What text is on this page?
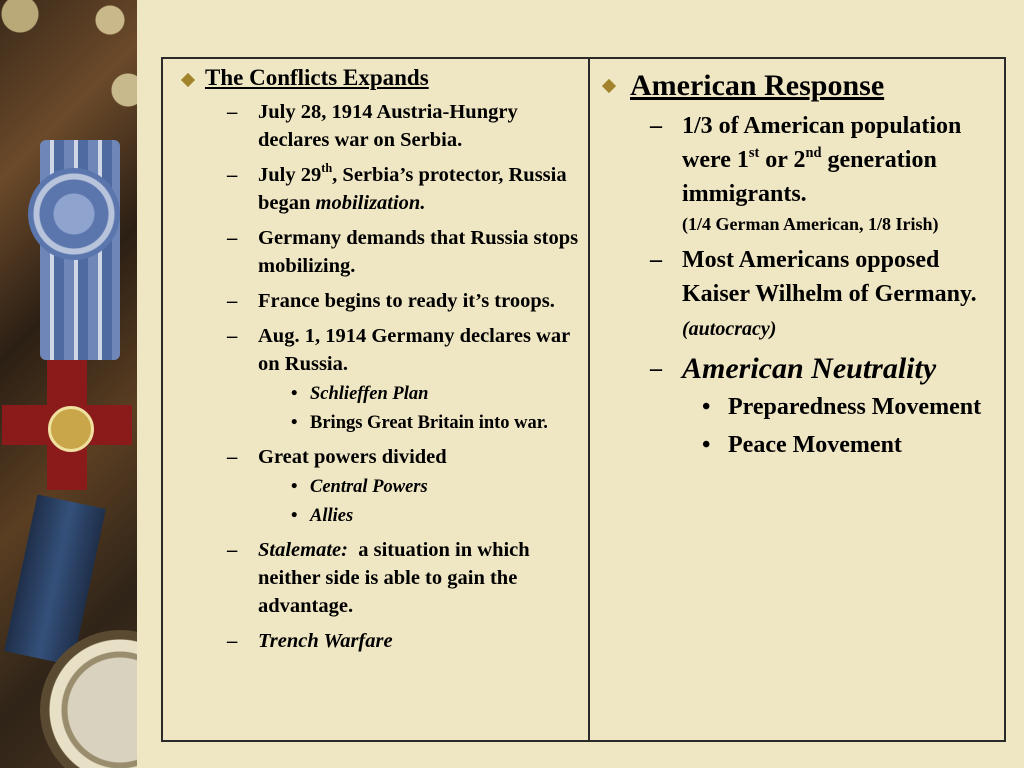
The Conflicts Expands
–	July 28, 1914 Austria-Hungry declares war on Serbia.
–	July 29th, Serbia’s protector, Russia began mobilization.
–	Germany demands that Russia stops mobilizing.
–	France begins to ready it’s troops.
–	Aug. 1, 1914 Germany declares war on Russia.
• Schlieffen Plan
• Brings Great Britain into war.
–	Great powers divided
• Central Powers
• Allies
–	Stalemate:  a situation in which neither side is able to gain the advantage.
–	Trench Warfare
American Response
– 1/3 of American population were 1st or 2nd generation immigrants.
(1/4 German American, 1/8 Irish)
– Most Americans opposed Kaiser Wilhelm of Germany.  (autocracy)
– American Neutrality
• Preparedness Movement
• Peace Movement
